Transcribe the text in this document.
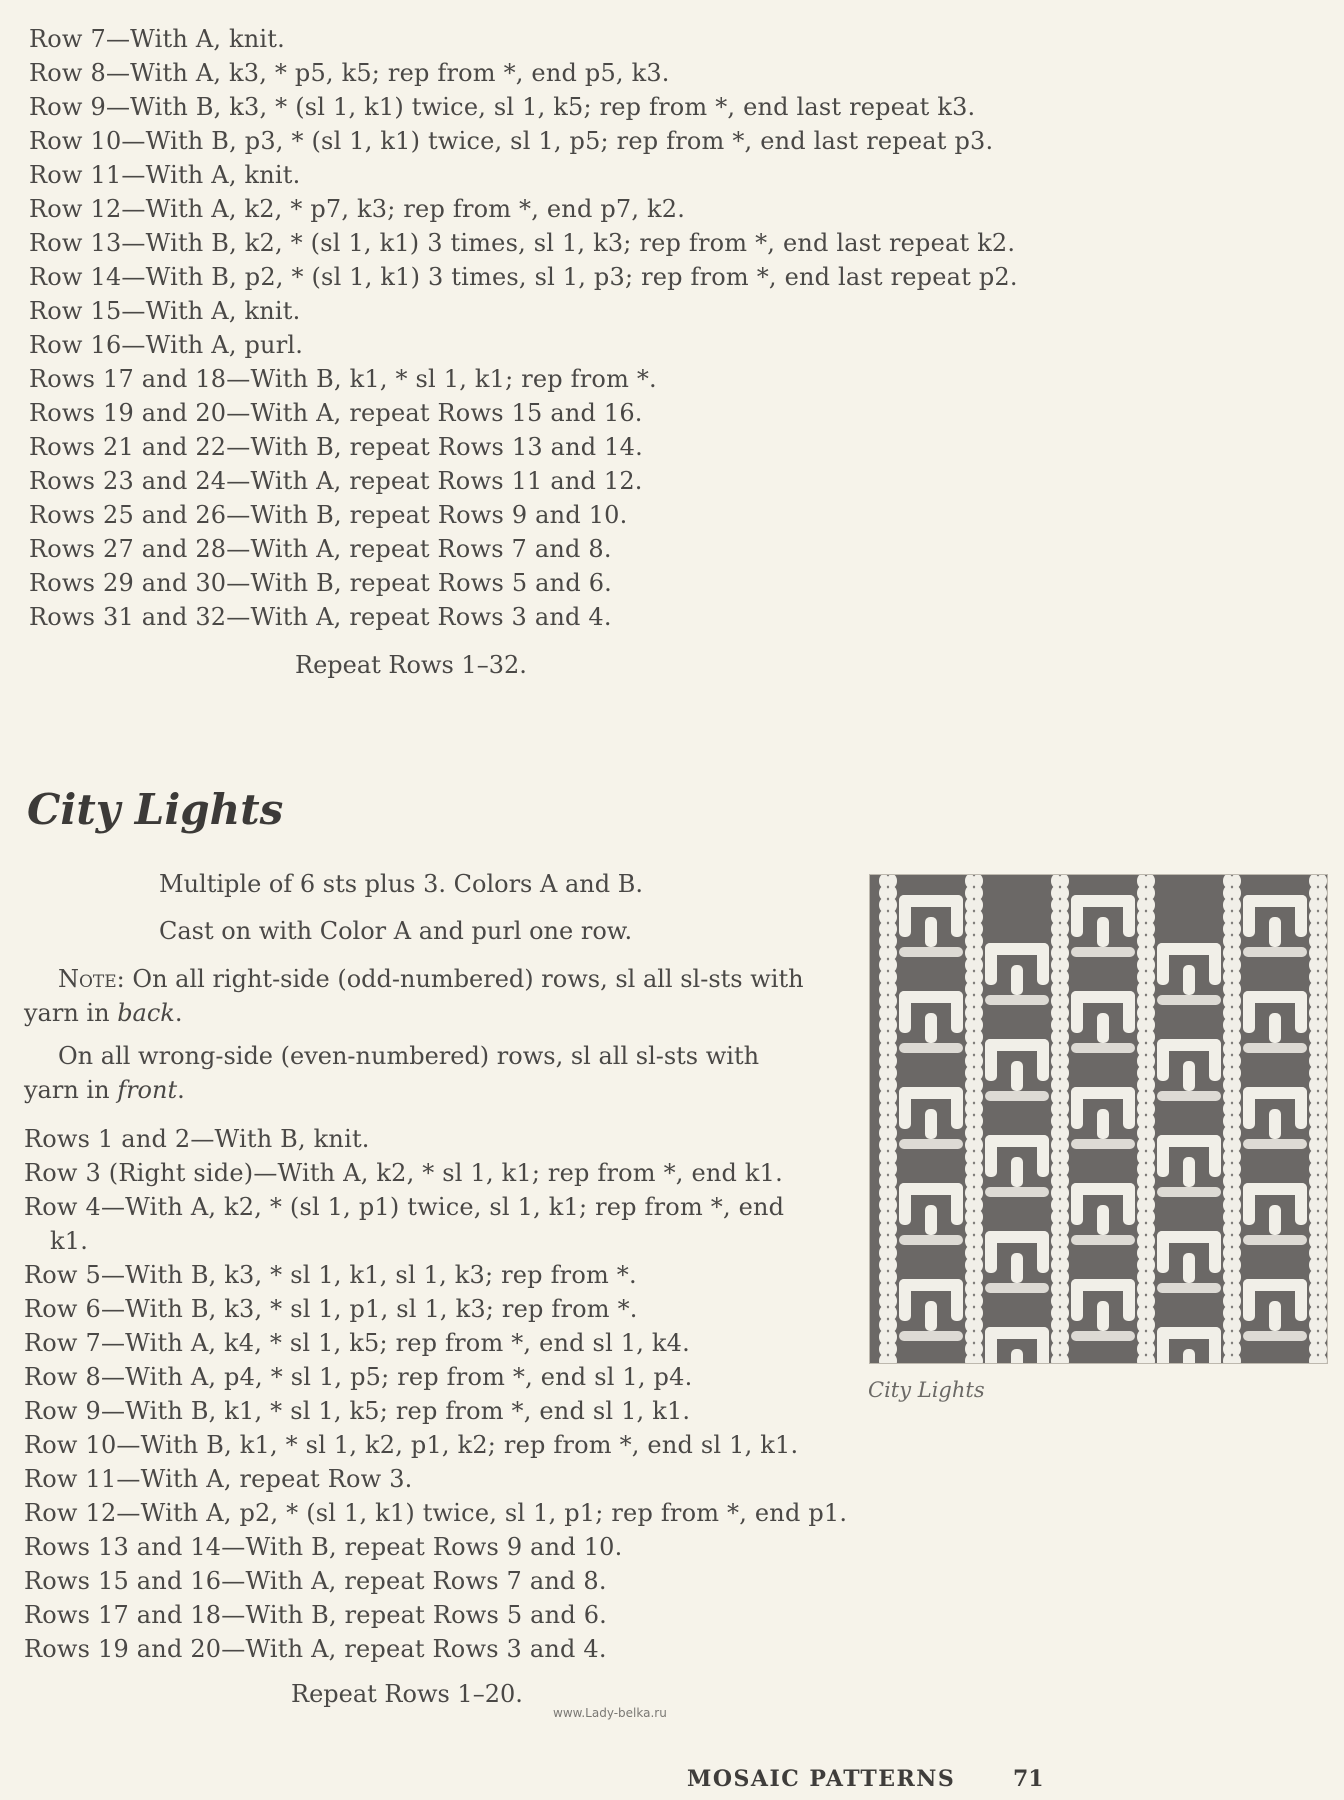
Row 7—With A, knit.
Row 8—With A, k3, * p5, k5; rep from *, end p5, k3.
Row 9—With B, k3, * (sl 1, k1) twice, sl 1, k5; rep from *, end last repeat k3.
Row 10—With B, p3, * (sl 1, k1) twice, sl 1, p5; rep from *, end last repeat p3.
Row 11—With A, knit.
Row 12—With A, k2, * p7, k3; rep from *, end p7, k2.
Row 13—With B, k2, * (sl 1, k1) 3 times, sl 1, k3; rep from *, end last repeat k2.
Row 14—With B, p2, * (sl 1, k1) 3 times, sl 1, p3; rep from *, end last repeat p2.
Row 15—With A, knit.
Row 16—With A, purl.
Rows 17 and 18—With B, k1, * sl 1, k1; rep from *.
Rows 19 and 20—With A, repeat Rows 15 and 16.
Rows 21 and 22—With B, repeat Rows 13 and 14.
Rows 23 and 24—With A, repeat Rows 11 and 12.
Rows 25 and 26—With B, repeat Rows 9 and 10.
Rows 27 and 28—With A, repeat Rows 7 and 8.
Rows 29 and 30—With B, repeat Rows 5 and 6.
Rows 31 and 32—With A, repeat Rows 3 and 4.
Repeat Rows 1–32.
City Lights
Multiple of 6 sts plus 3. Colors A and B.
Cast on with Color A and purl one row.
Note: On all right-side (odd-numbered) rows, sl all sl-sts with yarn in back.
On all wrong-side (even-numbered) rows, sl all sl-sts with yarn in front.
Rows 1 and 2—With B, knit.
Row 3 (Right side)—With A, k2, * sl 1, k1; rep from *, end k1.
Row 4—With A, k2, * (sl 1, p1) twice, sl 1, k1; rep from *, end
k1.
Row 5—With B, k3, * sl 1, k1, sl 1, k3; rep from *.
Row 6—With B, k3, * sl 1, p1, sl 1, k3; rep from *.
Row 7—With A, k4, * sl 1, k5; rep from *, end sl 1, k4.
Row 8—With A, p4, * sl 1, p5; rep from *, end sl 1, p4.
Row 9—With B, k1, * sl 1, k5; rep from *, end sl 1, k1.
Row 10—With B, k1, * sl 1, k2, p1, k2; rep from *, end sl 1, k1.
Row 11—With A, repeat Row 3.
Row 12—With A, p2, * (sl 1, k1) twice, sl 1, p1; rep from *, end p1.
Rows 13 and 14—With B, repeat Rows 9 and 10.
Rows 15 and 16—With A, repeat Rows 7 and 8.
Rows 17 and 18—With B, repeat Rows 5 and 6.
Rows 19 and 20—With A, repeat Rows 3 and 4.
Repeat Rows 1–20.
City Lights
www.Lady-belka.ru
MOSAIC PATTERNS	71
